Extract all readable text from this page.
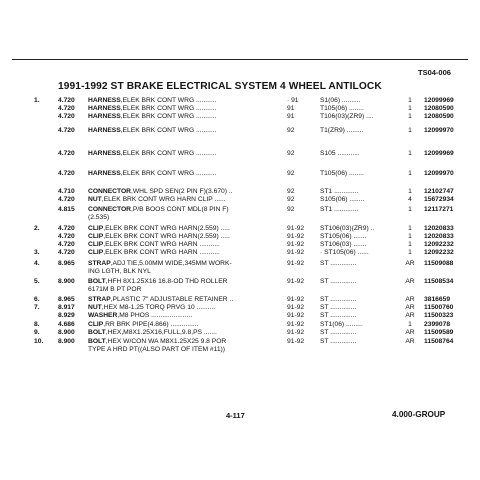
TS04-006
1991-1992 ST BRAKE ELECTRICAL SYSTEM 4 WHEEL ANTILOCK
1.	4.720 HARNESS,ELEK BRK CONT WRG ...........	· 91	S1(06) ..........	1	12099969
4.720 HARNESS,ELEK BRK CONT WRG ...........	91	T105(06) ........	1	12080590
4.720 HARNESS,ELEK BRK CONT WRG ...........	91	T106(03)(ZR9) ....	1	12080590
4.720 HARNESS,ELEK BRK CONT WRG ...........	92	T1(ZR9) .........	1	12099970
4.720 HARNESS,ELEK BRK CONT WRG ...........	92	S105 ............	1	12099969
4.720 HARNESS,ELEK BRK CONT WRG ...........	92	T105(06) ........	1	12099970
4.710 CONNECTOR,WHL SPD SEN(2 PIN F)(3.670) ..	92	ST1 .............	1	12102747
4.720 NUT,ELEK BRK CONT WRG HARN CLIP ......	92	S105(06) ........	4	15672934
4.815 CONNECTOR,P/B BOOS CONT MDL(8 PIN F)	92	ST1 .............	1	12117271
(2.535)
2.	4.720 CLIP,ELEK BRK CONT WRG HARN(2.559) .....	91-92 ST106(03)(ZR9) ..	1	12020833
4.720 CLIP,ELEK BRK CONT WRG HARN(2.559) .....	91-92 ST105(06) .......	1	12020833
4.720 CLIP,ELEK BRK CONT WRG HARN ...........	91-92 ST106(03) .......	1	12092232
3.	4.720 CLIP,ELEK BRK CONT WRG HARN ...........	91-92 · ST105(06) ......	1	12092232
4.	8.965 STRAP,ADJ TIE,5.00MM WIDE,345MM WORK-	91-92 ST ..............	AR 11509088
ING LGTH, BLK NYL
5.	8.900 BOLT,HFH 8X1.25X16 16.8-OD THD ROLLER	91-92 ST ..............	AR 11508534
6171M B PT POR
6.	8.965 STRAP,PLASTIC 7" ADJUSTABLE RETAINER ..	91-92 ST ..............	AR 3816659
7.	8.917 NUT,HEX M8-1.25 TORQ PRVG 10 ..........	91-92 ST ..............	AR 11500760
8.929 WASHER,M8 PHOS ......................	91-92 ST ..............	AR 11500323
8.	4.686 CLIP,RR BRK PIPE(4.866) ...............	91-92 ST1(06) .........	1	2399078
9.	8.900 BOLT,HEX,M8X1.25X16,FULL,9.8,PS .......	91-92 ST ..............	AR 11509589
10. 8.900 BOLT,HEX W/CON WA M8X1.25X25 9.8 POR	91-92 ST ..............	AR 11508764
TYPE A HRD PT((ALSO PART OF ITEM #11))
4-117	4.000-GROUP
